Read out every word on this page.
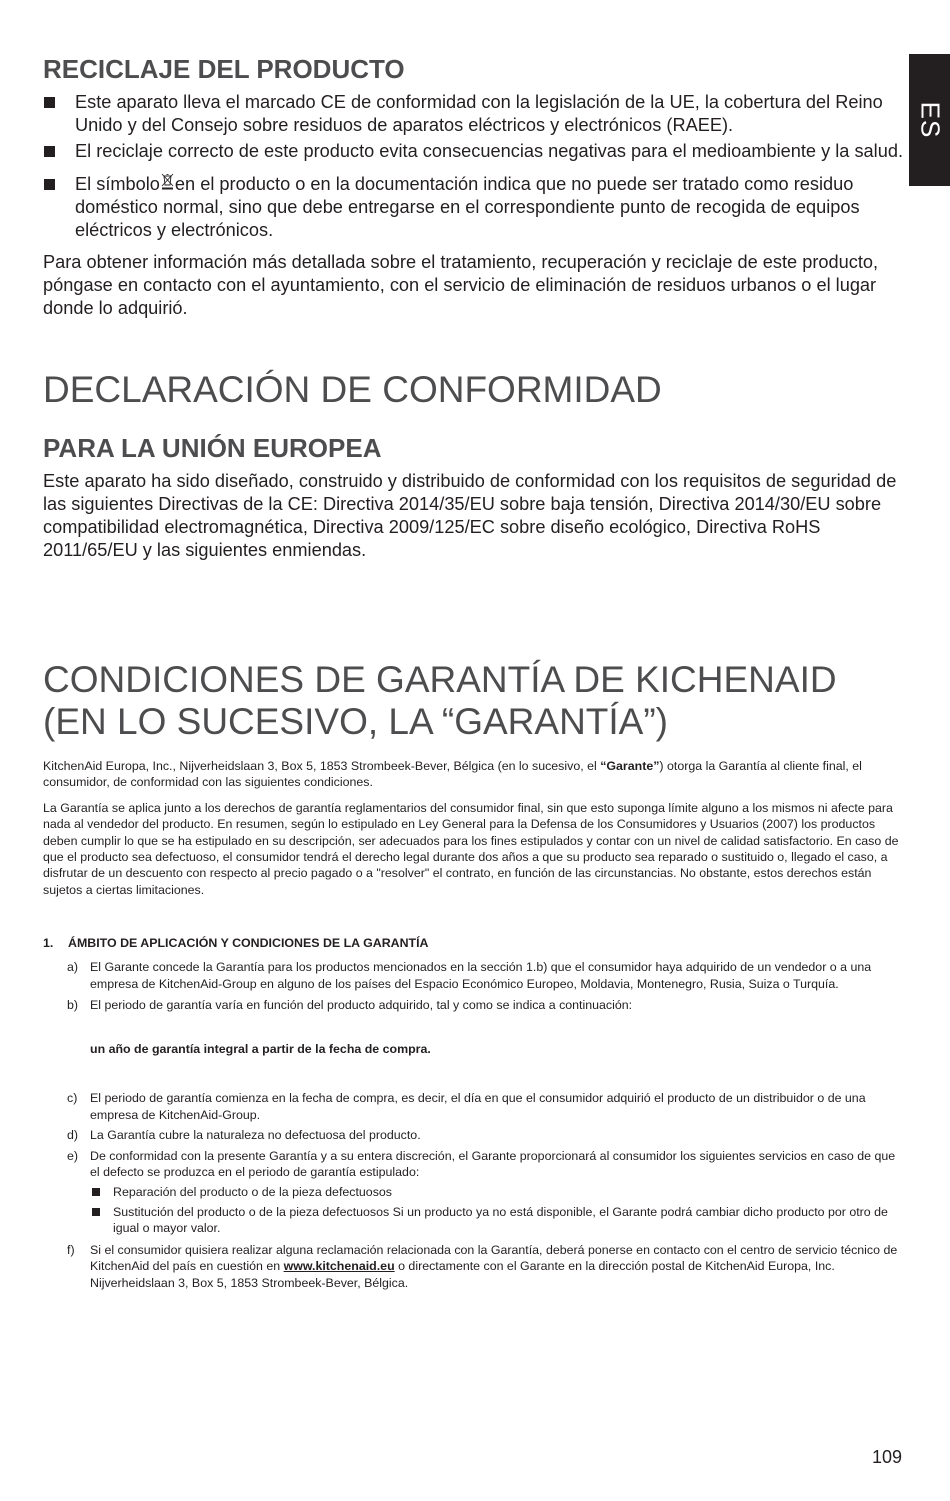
ES
RECICLAJE DEL PRODUCTO
Este aparato lleva el marcado CE de conformidad con la legislación de la UE, la cobertura del Reino Unido y del Consejo sobre residuos de aparatos eléctricos y electrónicos (RAEE).
El reciclaje correcto de este producto evita consecuencias negativas para el medioambiente y la salud.
El símbolo en el producto o en la documentación indica que no puede ser tratado como residuo doméstico normal, sino que debe entregarse en el correspondiente punto de recogida de equipos eléctricos y electrónicos.

Para obtener información más detallada sobre el tratamiento, recuperación y reciclaje de este producto, póngase en contacto con el ayuntamiento, con el servicio de eliminación de residuos urbanos o el lugar donde lo adquirió.

DECLARACIÓN DE CONFORMIDAD
PARA LA UNIÓN EUROPEA

Este aparato ha sido diseñado, construido y distribuido de conformidad con los requisitos de seguridad de las siguientes Directivas de la CE: Directiva 2014/35/EU sobre baja tensión, Directiva 2014/30/EU sobre compatibilidad electromagnética, Directiva 2009/125/EC sobre diseño ecológico, Directiva RoHS 2011/65/EU y las siguientes enmiendas.

CONDICIONES DE GARANTÍA DE KICHENAID
(EN LO SUCESIVO, LA “GARANTÍA”)

KitchenAid Europa, Inc., Nijverheidslaan 3, Box 5, 1853 Strombeek-Bever, Bélgica (en lo sucesivo, el “Garante”) otorga la Garantía al cliente final, el consumidor, de conformidad con las siguientes condiciones.

La Garantía se aplica junto a los derechos de garantía reglamentarios del consumidor final, sin que esto suponga límite alguno a los mismos ni afecte para nada al vendedor del producto. En resumen, según lo estipulado en Ley General para la Defensa de los Consumidores y Usuarios (2007) los productos deben cumplir lo que se ha estipulado en su descripción, ser adecuados para los fines estipulados y contar con un nivel de calidad satisfactorio. En caso de que el producto sea defectuoso, el consumidor tendrá el derecho legal durante dos años a que su producto sea reparado o sustituido o, llegado el caso, a disfrutar de un descuento con respecto al precio pagado o a "resolver" el contrato, en función de las circunstancias. No obstante, estos derechos están sujetos a ciertas limitaciones.

1. ÁMBITO DE APLICACIÓN Y CONDICIONES DE LA GARANTÍA

a) El Garante concede la Garantía para los productos mencionados en la sección 1.b) que el consumidor haya adquirido de un vendedor o a una empresa de KitchenAid-Group en alguno de los países del Espacio Económico Europeo, Moldavia, Montenegro, Rusia, Suiza o Turquía.
b) El periodo de garantía varía en función del producto adquirido, tal y como se indica a continuación:

un año de garantía integral a partir de la fecha de compra.

c) El periodo de garantía comienza en la fecha de compra, es decir, el día en que el consumidor adquirió el producto de un distribuidor o de una empresa de KitchenAid-Group.
d) La Garantía cubre la naturaleza no defectuosa del producto.
e) De conformidad con la presente Garantía y a su entera discreción, el Garante proporcionará al consumidor los siguientes servicios en caso de que el defecto se produzca en el periodo de garantía estipulado:
Reparación del producto o de la pieza defectuosos
Sustitución del producto o de la pieza defectuosos Si un producto ya no está disponible, el Garante podrá cambiar dicho producto por otro de igual o mayor valor.
f) Si el consumidor quisiera realizar alguna reclamación relacionada con la Garantía, deberá ponerse en contacto con el centro de servicio técnico de KitchenAid del país en cuestión en www.kitchenaid.eu o directamente con el Garante en la dirección postal de KitchenAid Europa, Inc. Nijverheidslaan 3, Box 5, 1853 Strombeek-Bever, Bélgica.
109
